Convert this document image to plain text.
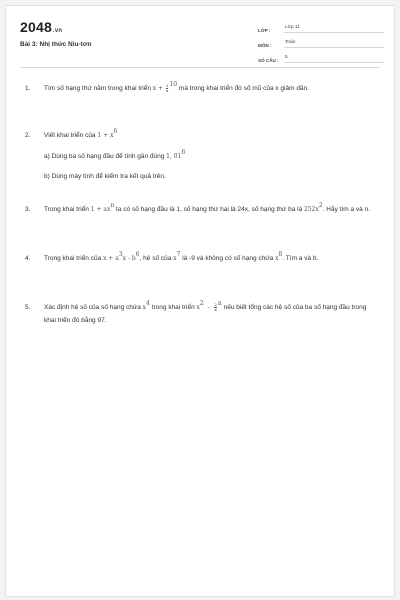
2048.vn
Bài 3: Nhị thức Niu-tơn
LỚP :
Lớp 11
MÔN :
Toán
SỐ CÂU :
5
1.	Tìm số hạng thứ năm trong khai triển $x + \frac{2}{x} ^{10}$ mà trong khai triển đó số mũ của x giảm dần.
2.	Viết khai triển của $1 + x^6$
a) Dùng ba số hạng đầu để tính gần đúng 1, $01^6$
b) Dùng máy tính để kiểm tra kết quả trên.
3.	Trong khai triển $1 + ax^n$ ta có số hạng đầu là 1, số hạng thứ hai là 24x, số hạng thứ ba là $252x^2$. Hãy tìm a và n.
4.	Trong khai triển của $x + a^3x - b^6$, hệ số của $x^7$ là -9 và không có số hạng chứa $x^8$. Tìm a và b.
5.	Xác định hệ số của số hạng chứa $x^4$ trong khai triển $x^2 - \frac{2}{x} ^n$ nếu biết tổng các hệ số của ba số hạng đầu trong khai triển đó bằng 97.
